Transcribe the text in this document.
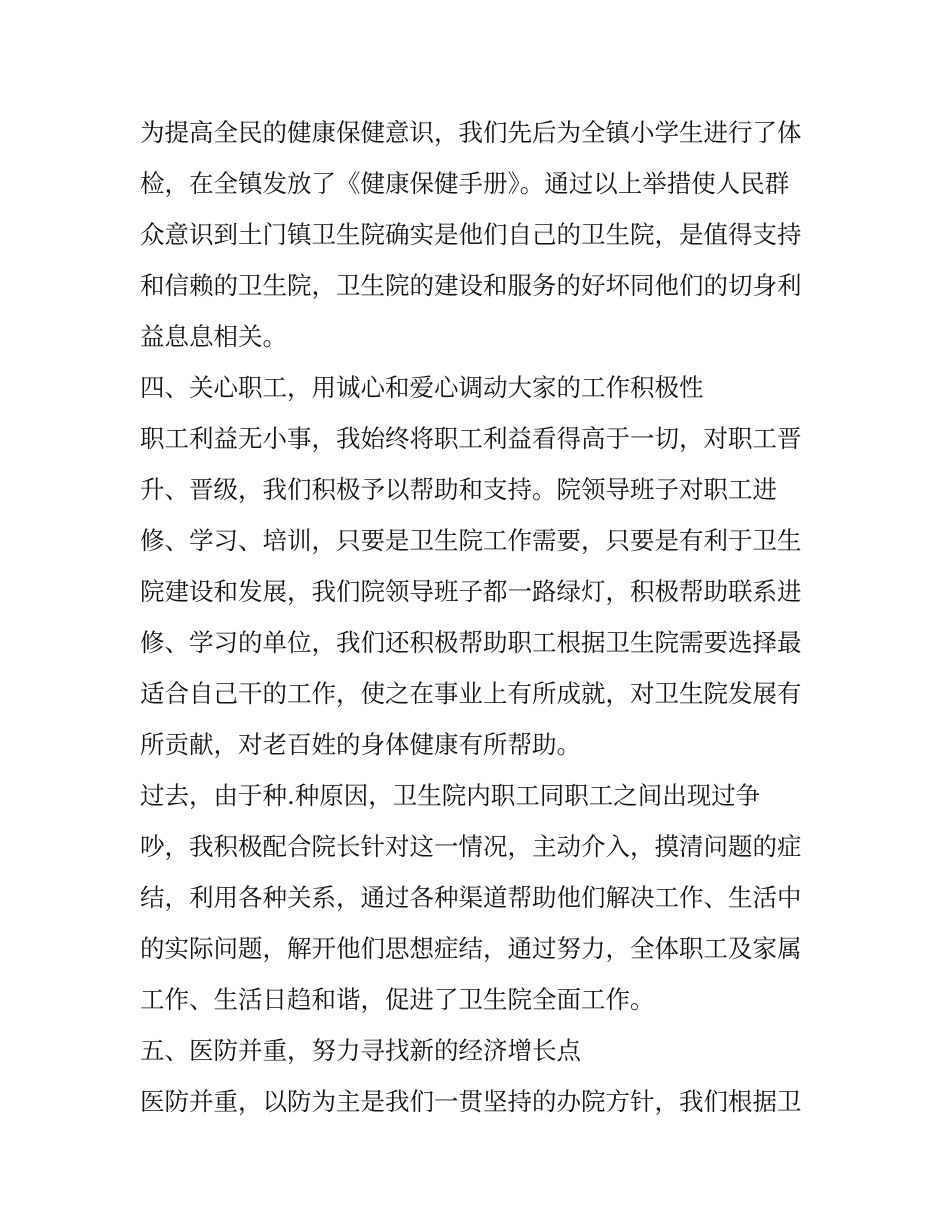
为提高全民的健康保健意识，我们先后为全镇小学生进行了体
检，在全镇发放了《健康保健手册》。通过以上举措使人民群
众意识到土门镇卫生院确实是他们自己的卫生院，是值得支持
和信赖的卫生院，卫生院的建设和服务的好坏同他们的切身利
益息息相关。
四、关心职工，用诚心和爱心调动大家的工作积极性
职工利益无小事，我始终将职工利益看得高于一切，对职工晋
升、晋级，我们积极予以帮助和支持。院领导班子对职工进
修、学习、培训，只要是卫生院工作需要，只要是有利于卫生
院建设和发展，我们院领导班子都一路绿灯，积极帮助联系进
修、学习的单位，我们还积极帮助职工根据卫生院需要选择最
适合自己干的工作，使之在事业上有所成就，对卫生院发展有
所贡献，对老百姓的身体健康有所帮助。
过去，由于种.种原因，卫生院内职工同职工之间出现过争
吵，我积极配合院长针对这一情况，主动介入，摸清问题的症
结，利用各种关系，通过各种渠道帮助他们解决工作、生活中
的实际问题，解开他们思想症结，通过努力，全体职工及家属
工作、生活日趋和谐，促进了卫生院全面工作。
五、医防并重，努力寻找新的经济增长点
医防并重，以防为主是我们一贯坚持的办院方针，我们根据卫
